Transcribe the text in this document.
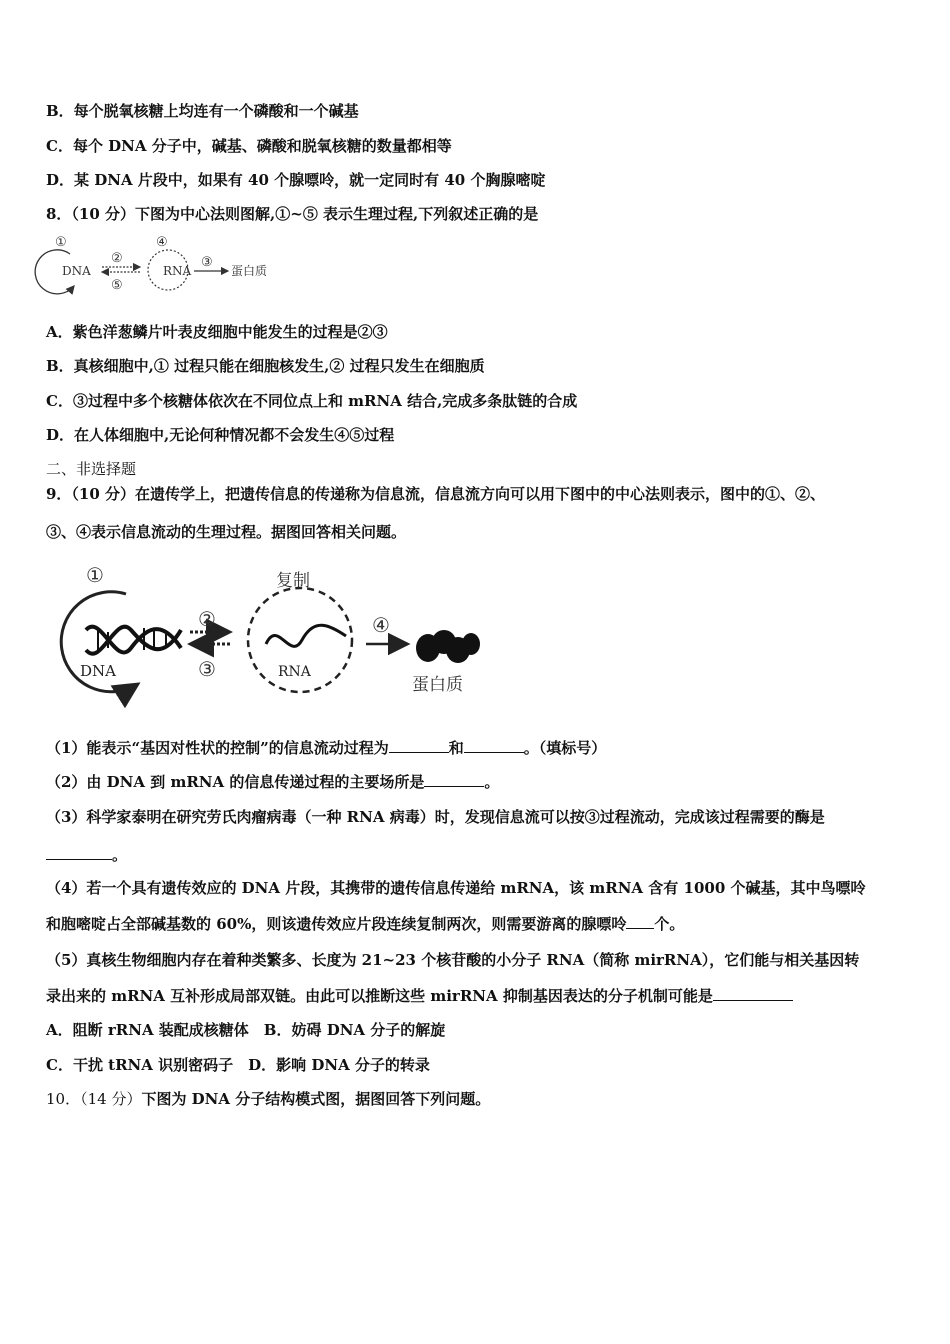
B．每个脱氧核糖上均连有一个磷酸和一个碱基
C．每个 DNA 分子中，碱基、磷酸和脱氧核糖的数量都相等
D．某 DNA 片段中，如果有 40 个腺嘌呤，就一定同时有 40 个胸腺嘧啶
8．（10 分）下图为中心法则图解,①~⑤ 表示生理过程,下列叙述正确的是
①
DNA
②
⑤
④
RNA
③
蛋白质
A．紫色洋葱鳞片叶表皮细胞中能发生的过程是②③
B．真核细胞中,① 过程只能在细胞核发生,② 过程只发生在细胞质
C．③过程中多个核糖体依次在不同位点上和 mRNA 结合,完成多条肽链的合成
D．在人体细胞中,无论何种情况都不会发生④⑤过程
二、非选择题
9．（10 分）在遗传学上，把遗传信息的传递称为信息流，信息流方向可以用下图中的中心法则表示，图中的①、②、
③、④表示信息流动的生理过程。据图回答相关问题。
①
DNA
②
③
复制
RNA
④
蛋白质
（1）能表示“基因对性状的控制”的信息流动过程为	和	。（填标号）
（2）由 DNA 到 mRNA 的信息传递过程的主要场所是	。
（3）科学家泰明在研究劳氏肉瘤病毒（一种 RNA 病毒）时，发现信息流可以按③过程流动，完成该过程需要的酶是
。
（4）若一个具有遗传效应的 DNA 片段，其携带的遗传信息传递给 mRNA，该 mRNA 含有 1000 个碱基，其中鸟嘌呤
和胞嘧啶占全部碱基数的 60%，则该遗传效应片段连续复制两次，则需要游离的腺嘌呤 个。
（5）真核生物细胞内存在着种类繁多、长度为 21~23 个核苷酸的小分子 RNA（简称 mirRNA），它们能与相关基因转
录出来的 mRNA 互补形成局部双链。由此可以推断这些 mirRNA 抑制基因表达的分子机制可能是
A．阻断 rRNA 装配成核糖体　B．妨碍 DNA 分子的解旋
C．干扰 tRNA 识别密码子　D．影响 DNA 分子的转录
10．（14 分）下图为 DNA 分子结构模式图，据图回答下列问题。
